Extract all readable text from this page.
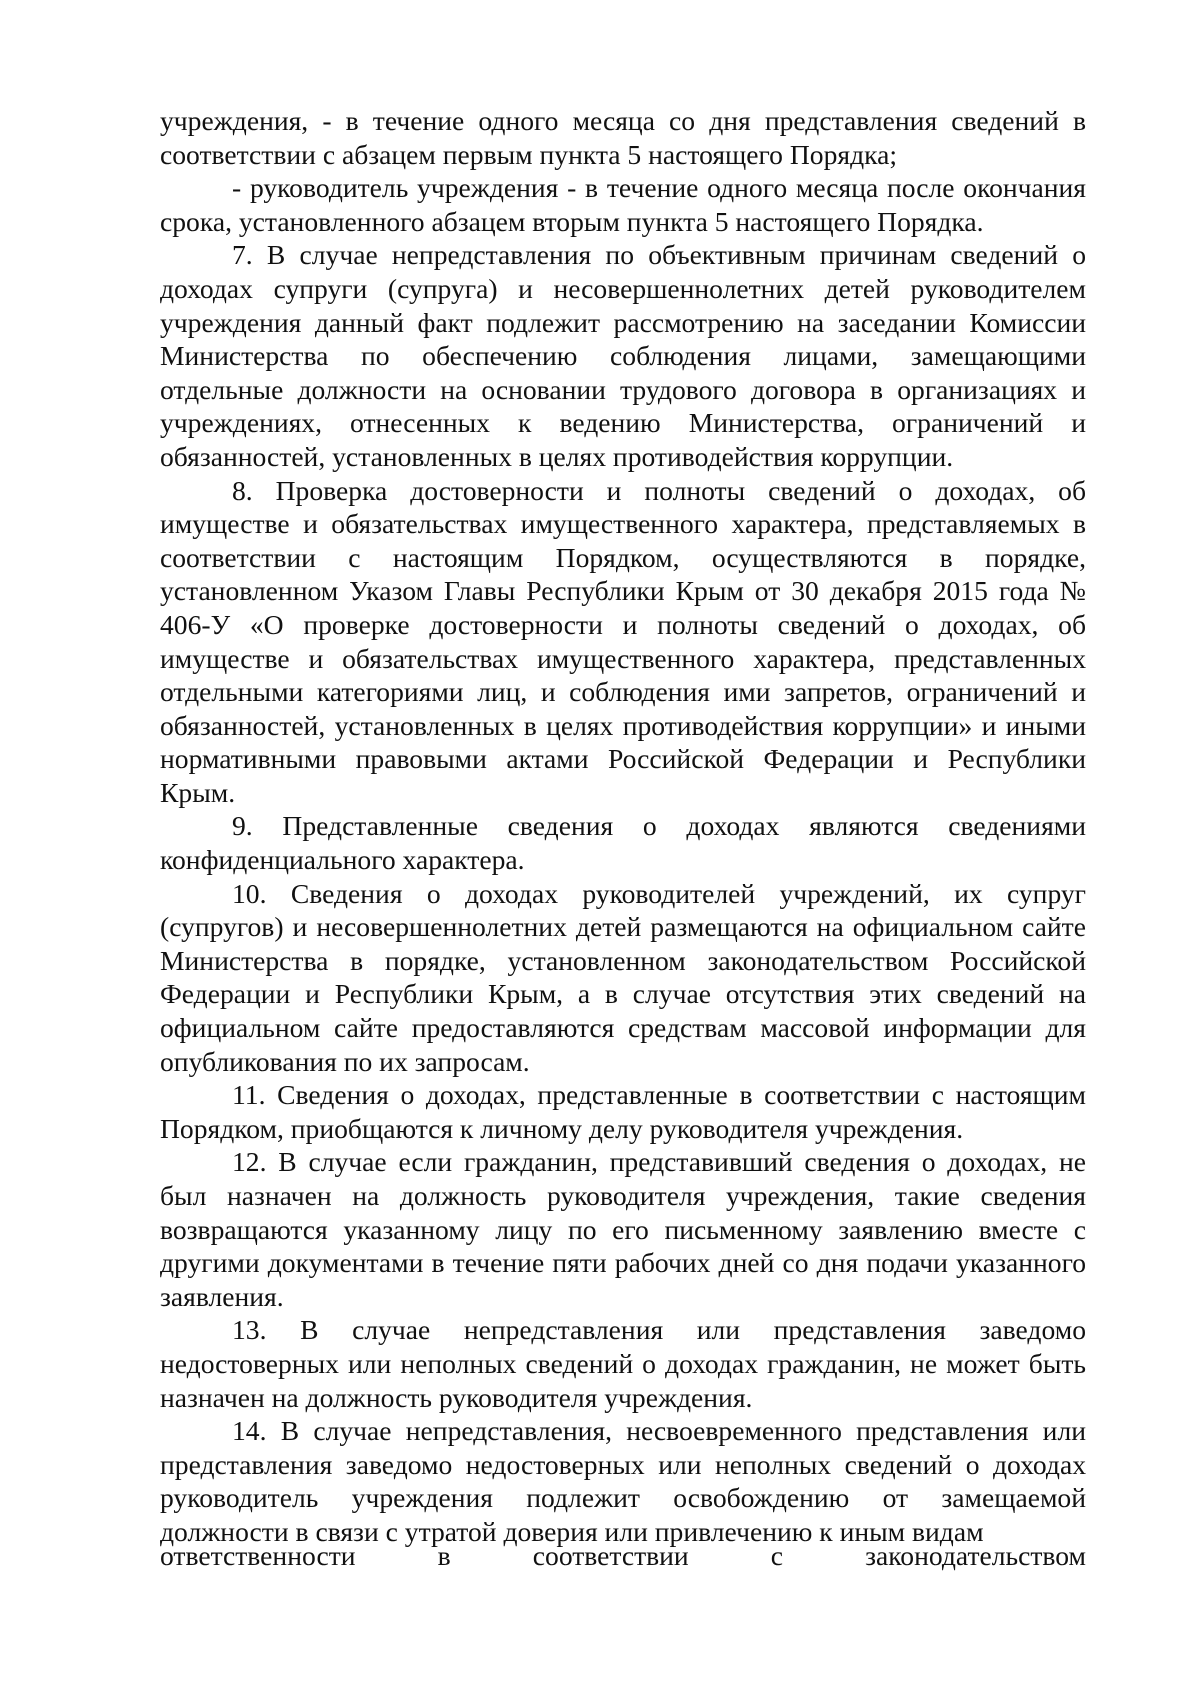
учреждения, - в течение одного месяца со дня представления сведений в соответствии с абзацем первым пункта 5 настоящего Порядка;

- руководитель учреждения - в течение одного месяца после окончания срока, установленного абзацем вторым пункта 5 настоящего Порядка.

7. В случае непредставления по объективным причинам сведений о доходах супруги (супруга) и несовершеннолетних детей руководителем учреждения данный факт подлежит рассмотрению на заседании Комиссии Министерства по обеспечению соблюдения лицами, замещающими отдельные должности на основании трудового договора в организациях и учреждениях, отнесенных к ведению Министерства, ограничений и обязанностей, установленных в целях противодействия коррупции.

8. Проверка достоверности и полноты сведений о доходах, об имуществе и обязательствах имущественного характера, представляемых в соответствии с настоящим Порядком, осуществляются в порядке, установленном Указом Главы Республики Крым от 30 декабря 2015 года № 406-У «О проверке достоверности и полноты сведений о доходах, об имуществе и обязательствах имущественного характера, представленных отдельными категориями лиц, и соблюдения ими запретов, ограничений и обязанностей, установленных в целях противодействия коррупции» и иными нормативными правовыми актами Российской Федерации и Республики Крым.

9. Представленные сведения о доходах являются сведениями конфиденциального характера.

10. Сведения о доходах руководителей учреждений, их супруг (супругов) и несовершеннолетних детей размещаются на официальном сайте Министерства в порядке, установленном законодательством Российской Федерации и Республики Крым, а в случае отсутствия этих сведений на официальном сайте предоставляются средствам массовой информации для опубликования по их запросам.

11. Сведения о доходах, представленные в соответствии с настоящим Порядком, приобщаются к личному делу руководителя учреждения.

12. В случае если гражданин, представивший сведения о доходах, не был назначен на должность руководителя учреждения, такие сведения возвращаются указанному лицу по его письменному заявлению вместе с другими документами в течение пяти рабочих дней со дня подачи указанного заявления.

13. В случае непредставления или представления заведомо недостоверных или неполных сведений о доходах гражданин, не может быть назначен на должность руководителя учреждения.

14. В случае непредставления, несвоевременного представления или представления заведомо недостоверных или неполных сведений о доходах руководитель учреждения подлежит освобождению от замещаемой должности в связи с утратой доверия или привлечению к иным видам

ответственности в соответствии с законодательством
